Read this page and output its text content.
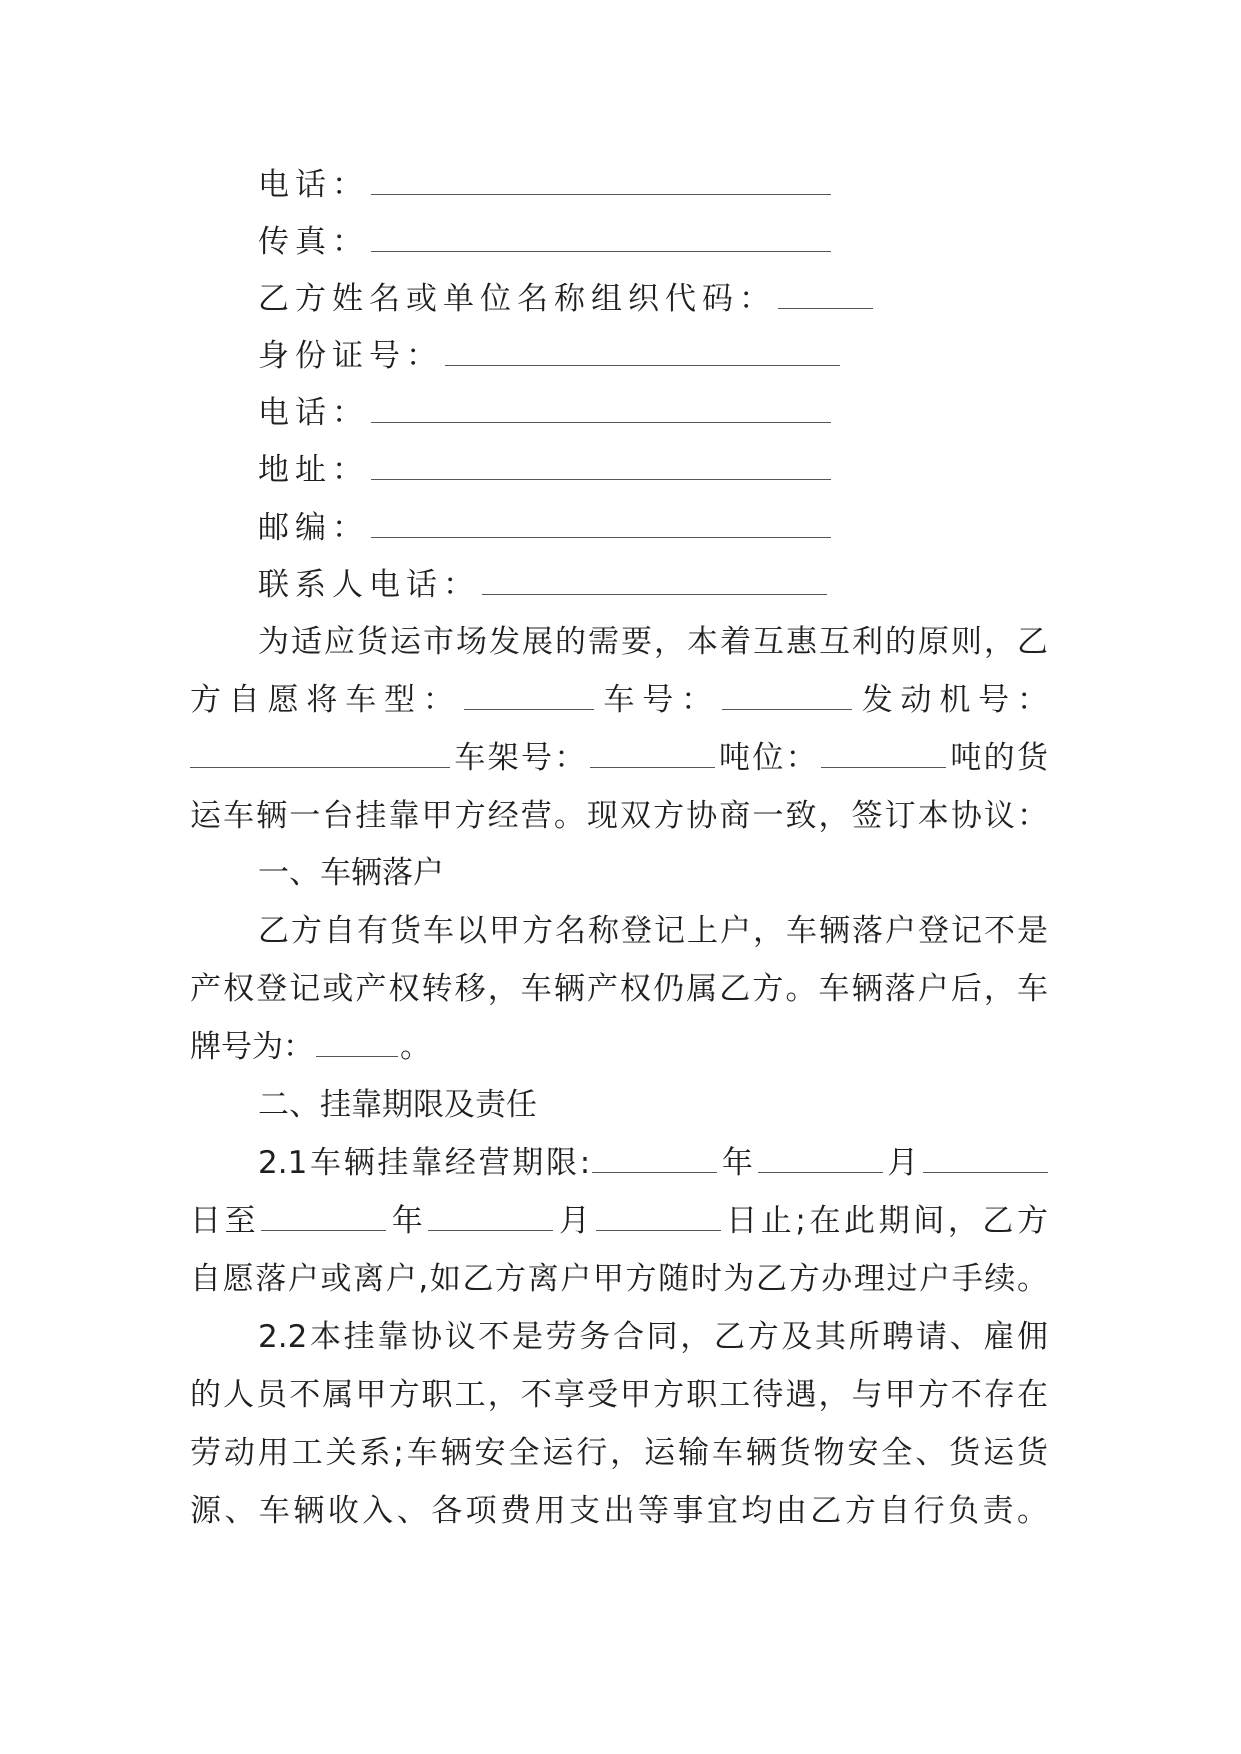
电话：
传真：
乙方姓名或单位名称组织代码：
身份证号：
电话：
地址：
邮编：
联系人电话：
为适应货运市场发展的需要，本着互惠互利的原则，乙
方自愿将车型：	车号：	发动机号：
车架号：	吨位：	吨的货
运车辆一台挂靠甲方经营。现双方协商一致，签订本协议：
一、车辆落户
乙方自有货车以甲方名称登记上户，车辆落户登记不是
产权登记或产权转移，车辆产权仍属乙方。车辆落户后，车
牌号为：	。
二、挂靠期限及责任
2.1车辆挂靠经营期限:	年	月
日至	年	月	日止;在此期间，乙方
自愿落户或离户,如乙方离户甲方随时为乙方办理过户手续。
2.2本挂靠协议不是劳务合同，乙方及其所聘请、雇佣
的人员不属甲方职工，不享受甲方职工待遇，与甲方不存在
劳动用工关系;车辆安全运行，运输车辆货物安全、货运货
源、车辆收入、各项费用支出等事宜均由乙方自行负责。
